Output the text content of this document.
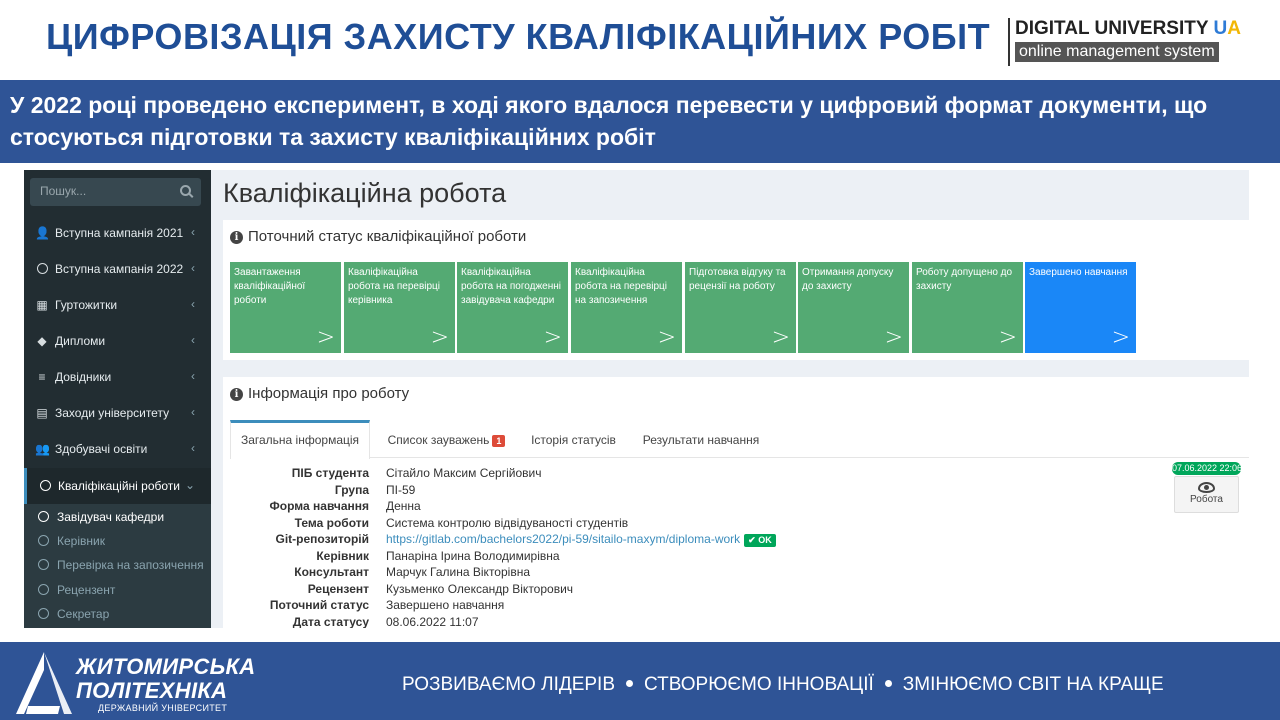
ЦИФРОВІЗАЦІЯ ЗАХИСТУ КВАЛІФІКАЦІЙНИХ РОБІТ DIGITAL UNIVERSITY UA
online management system
У 2022 році проведено експеримент, в ході якого вдалося перевести у цифровий формат документи, що стосуються підготовки та захисту кваліфікаційних робіт
Пошук...
👤 Вступна кампанія 2021 ‹
Вступна кампанія 2022 ‹
▦ Гуртожитки	‹
◆ Дипломи	‹
≡ Довідники	‹
▤ Заходи університету ‹
👥 Здобувачі освіти	‹
Кваліфікаційні роботи ⌄
Завідувач кафедри
Керівник
Перевірка на запозичення
Рецензент
Секретар
Кваліфікаційна робота
i Поточний статус кваліфікаційної роботи
Завантаження кваліфікаційної роботи
>
Кваліфікаційна робота на перевірці керівника
>
Кваліфікаційна робота на погодженні завідувача кафедри
>
Кваліфікаційна робота на перевірці на запозичення
>
Підготовка відгуку та рецензії на роботу
>
Отримання допуску до захисту
>
Роботу допущено до захисту
>
Завершено навчання
>
i Інформація про роботу
Загальна інформація	Список зауважень 1	Історія статусів	Результати навчання
ПІБ студента Сітайло Максим Сергійович
Група ПІ-59
Форма навчання Денна
Тема роботи Система контролю відвідуваності студентів
Git-репозиторій https://gitlab.com/bachelors2022/pi-59/sitailo-maxym/diploma-work ✔ OK
Керівник Панаріна Ірина Володимирівна
Консультант Марчук Галина Вікторівна
Рецензент Кузьменко Олександр Вікторович
Поточний статус Завершено навчання
Дата статусу 08.06.2022 11:07
07.06.2022 22:06
Робота
ЖИТОМИРСЬКА
ПОЛІТЕХНІКА
ДЕРЖАВНИЙ УНІВЕРСИТЕТ
РОЗВИВАЄМО ЛІДЕРІВ СТВОРЮЄМО ІННОВАЦІЇ ЗМІНЮЄМО СВІТ НА КРАЩЕ
